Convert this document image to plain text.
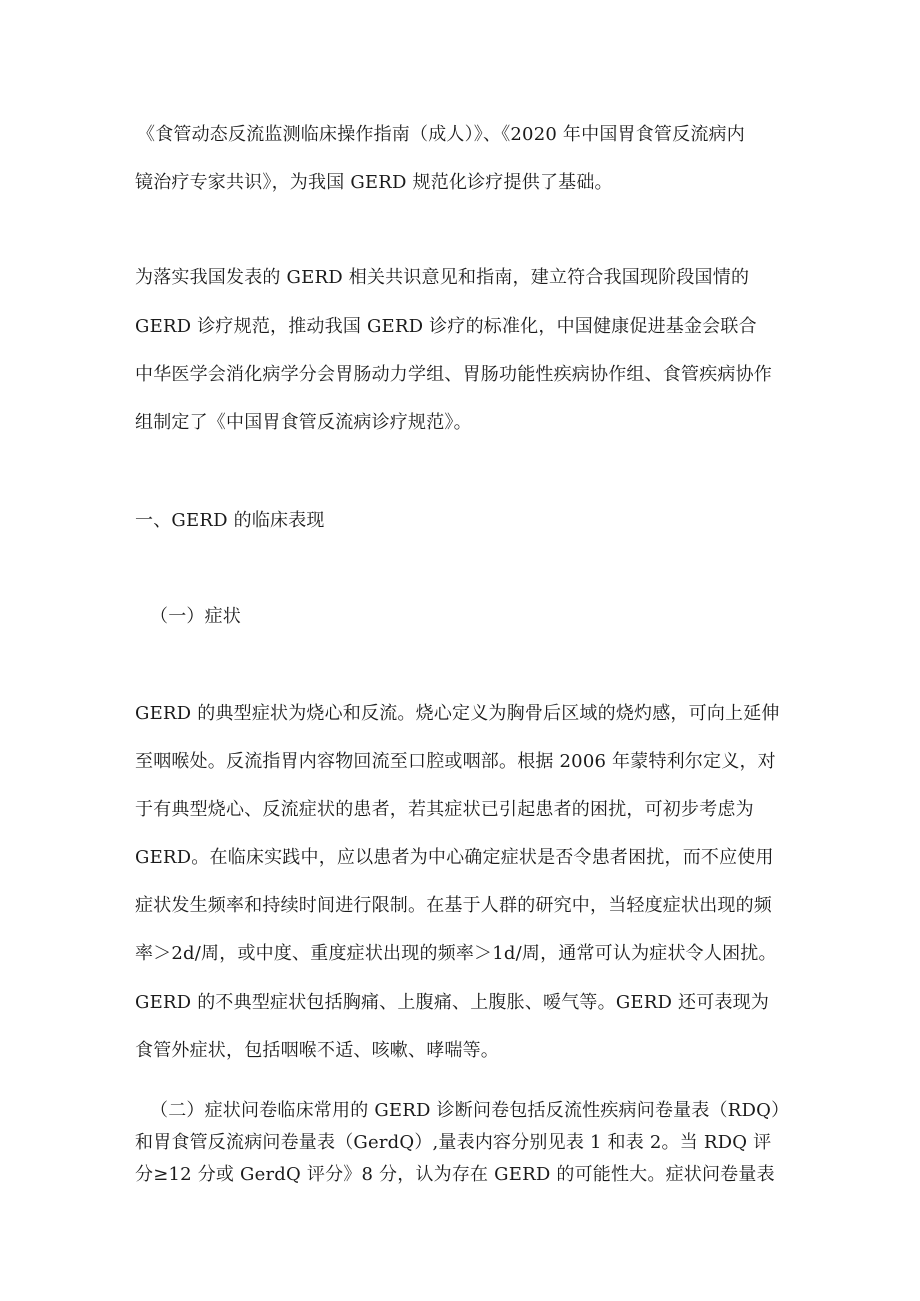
《食管动态反流监测临床操作指南（成人）》、《2020 年中国胃食管反流病内
镜治疗专家共识》，为我国 GERD 规范化诊疗提供了基础。
为落实我国发表的 GERD 相关共识意见和指南，建立符合我国现阶段国情的
GERD 诊疗规范，推动我国 GERD 诊疗的标准化，中国健康促进基金会联合
中华医学会消化病学分会胃肠动力学组、胃肠功能性疾病协作组、食管疾病协作
组制定了《中国胃食管反流病诊疗规范》。
一、GERD 的临床表现
（一）症状
GERD 的典型症状为烧心和反流。烧心定义为胸骨后区域的烧灼感，可向上延伸
至咽喉处。反流指胃内容物回流至口腔或咽部。根据 2006 年蒙特利尔定义，对
于有典型烧心、反流症状的患者，若其症状已引起患者的困扰，可初步考虑为
GERD。在临床实践中，应以患者为中心确定症状是否令患者困扰，而不应使用
症状发生频率和持续时间进行限制。在基于人群的研究中，当轻度症状出现的频
率＞2d/周，或中度、重度症状出现的频率＞1d/周，通常可认为症状令人困扰。
GERD 的不典型症状包括胸痛、上腹痛、上腹胀、嗳气等。GERD 还可表现为
食管外症状，包括咽喉不适、咳嗽、哮喘等。
（二）症状问卷临床常用的 GERD 诊断问卷包括反流性疾病问卷量表（RDQ）
和胃食管反流病问卷量表（GerdQ）,量表内容分别见表 1 和表 2。当 RDQ 评
分≥12 分或 GerdQ 评分》8 分，认为存在 GERD 的可能性大。症状问卷量表
